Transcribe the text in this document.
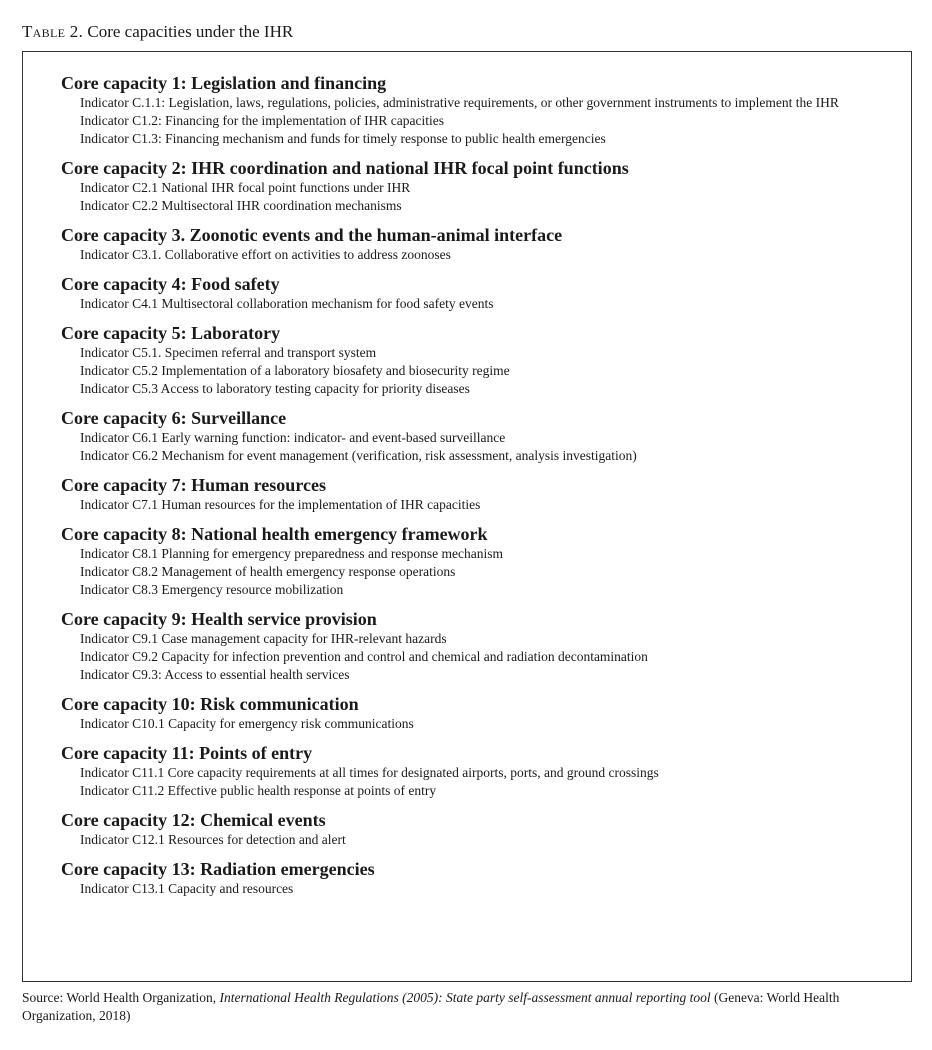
Table 2. Core capacities under the IHR
Core capacity 1: Legislation and financing
Indicator C.1.1: Legislation, laws, regulations, policies, administrative requirements, or other government instruments to implement the IHR
Indicator C1.2: Financing for the implementation of IHR capacities
Indicator C1.3: Financing mechanism and funds for timely response to public health emergencies
Core capacity 2: IHR coordination and national IHR focal point functions
Indicator C2.1 National IHR focal point functions under IHR
Indicator C2.2 Multisectoral IHR coordination mechanisms
Core capacity 3. Zoonotic events and the human-animal interface
Indicator C3.1. Collaborative effort on activities to address zoonoses
Core capacity 4: Food safety
Indicator C4.1 Multisectoral collaboration mechanism for food safety events
Core capacity 5: Laboratory
Indicator C5.1. Specimen referral and transport system
Indicator C5.2 Implementation of a laboratory biosafety and biosecurity regime
Indicator C5.3 Access to laboratory testing capacity for priority diseases
Core capacity 6: Surveillance
Indicator C6.1 Early warning function: indicator- and event-based surveillance
Indicator C6.2 Mechanism for event management (verification, risk assessment, analysis investigation)
Core capacity 7: Human resources
Indicator C7.1 Human resources for the implementation of IHR capacities
Core capacity 8: National health emergency framework
Indicator C8.1 Planning for emergency preparedness and response mechanism
Indicator C8.2 Management of health emergency response operations
Indicator C8.3 Emergency resource mobilization
Core capacity 9: Health service provision
Indicator C9.1 Case management capacity for IHR-relevant hazards
Indicator C9.2 Capacity for infection prevention and control and chemical and radiation decontamination
Indicator C9.3: Access to essential health services
Core capacity 10: Risk communication
Indicator C10.1 Capacity for emergency risk communications
Core capacity 11: Points of entry
Indicator C11.1 Core capacity requirements at all times for designated airports, ports, and ground crossings
Indicator C11.2 Effective public health response at points of entry
Core capacity 12: Chemical events
Indicator C12.1 Resources for detection and alert
Core capacity 13: Radiation emergencies
Indicator C13.1 Capacity and resources
Source: World Health Organization, International Health Regulations (2005): State party self-assessment annual reporting tool (Geneva: World Health Organization, 2018)
